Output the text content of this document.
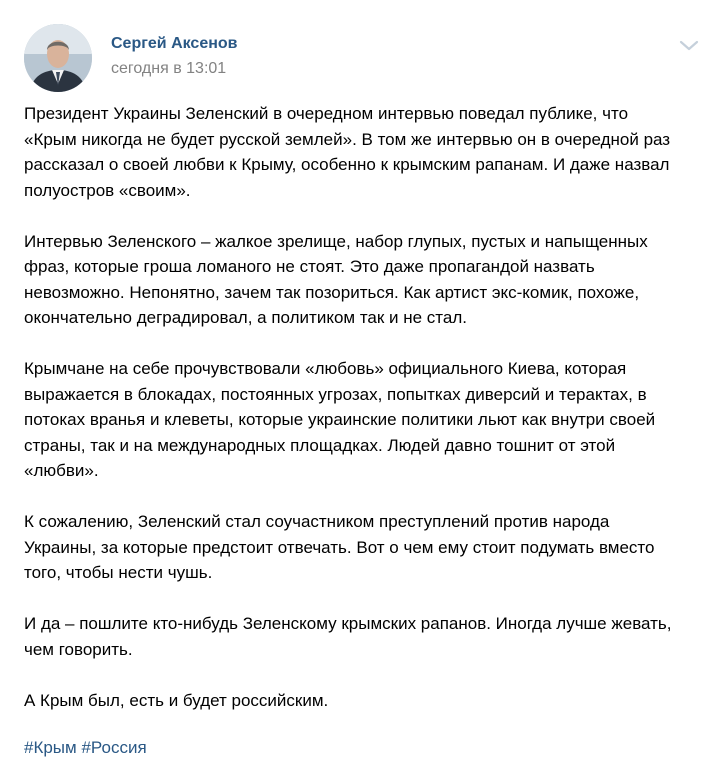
Сергей Аксенов
сегодня в 13:01

Президент Украины Зеленский в очередном интервью поведал публике, что
«Крым никогда не будет русской землей». В том же интервью он в очередной раз
рассказал о своей любви к Крыму, особенно к крымским рапанам. И даже назвал
полуостров «своим».

Интервью Зеленского – жалкое зрелище, набор глупых, пустых и напыщенных
фраз, которые гроша ломаного не стоят. Это даже пропагандой назвать
невозможно. Непонятно, зачем так позориться. Как артист экс-комик, похоже,
окончательно деградировал, а политиком так и не стал.

Крымчане на себе прочувствовали «любовь» официального Киева, которая
выражается в блокадах, постоянных угрозах, попытках диверсий и терактах, в
потоках вранья и клеветы, которые украинские политики льют как внутри своей
страны, так и на международных площадках. Людей давно тошнит от этой
«любви».

К сожалению, Зеленский стал соучастником преступлений против народа
Украины, за которые предстоит отвечать. Вот о чем ему стоит подумать вместо
того, чтобы нести чушь.

И да – пошлите кто-нибудь Зеленскому крымских рапанов. Иногда лучше жевать,
чем говорить.

А Крым был, есть и будет российским.

#Крым #Россия
